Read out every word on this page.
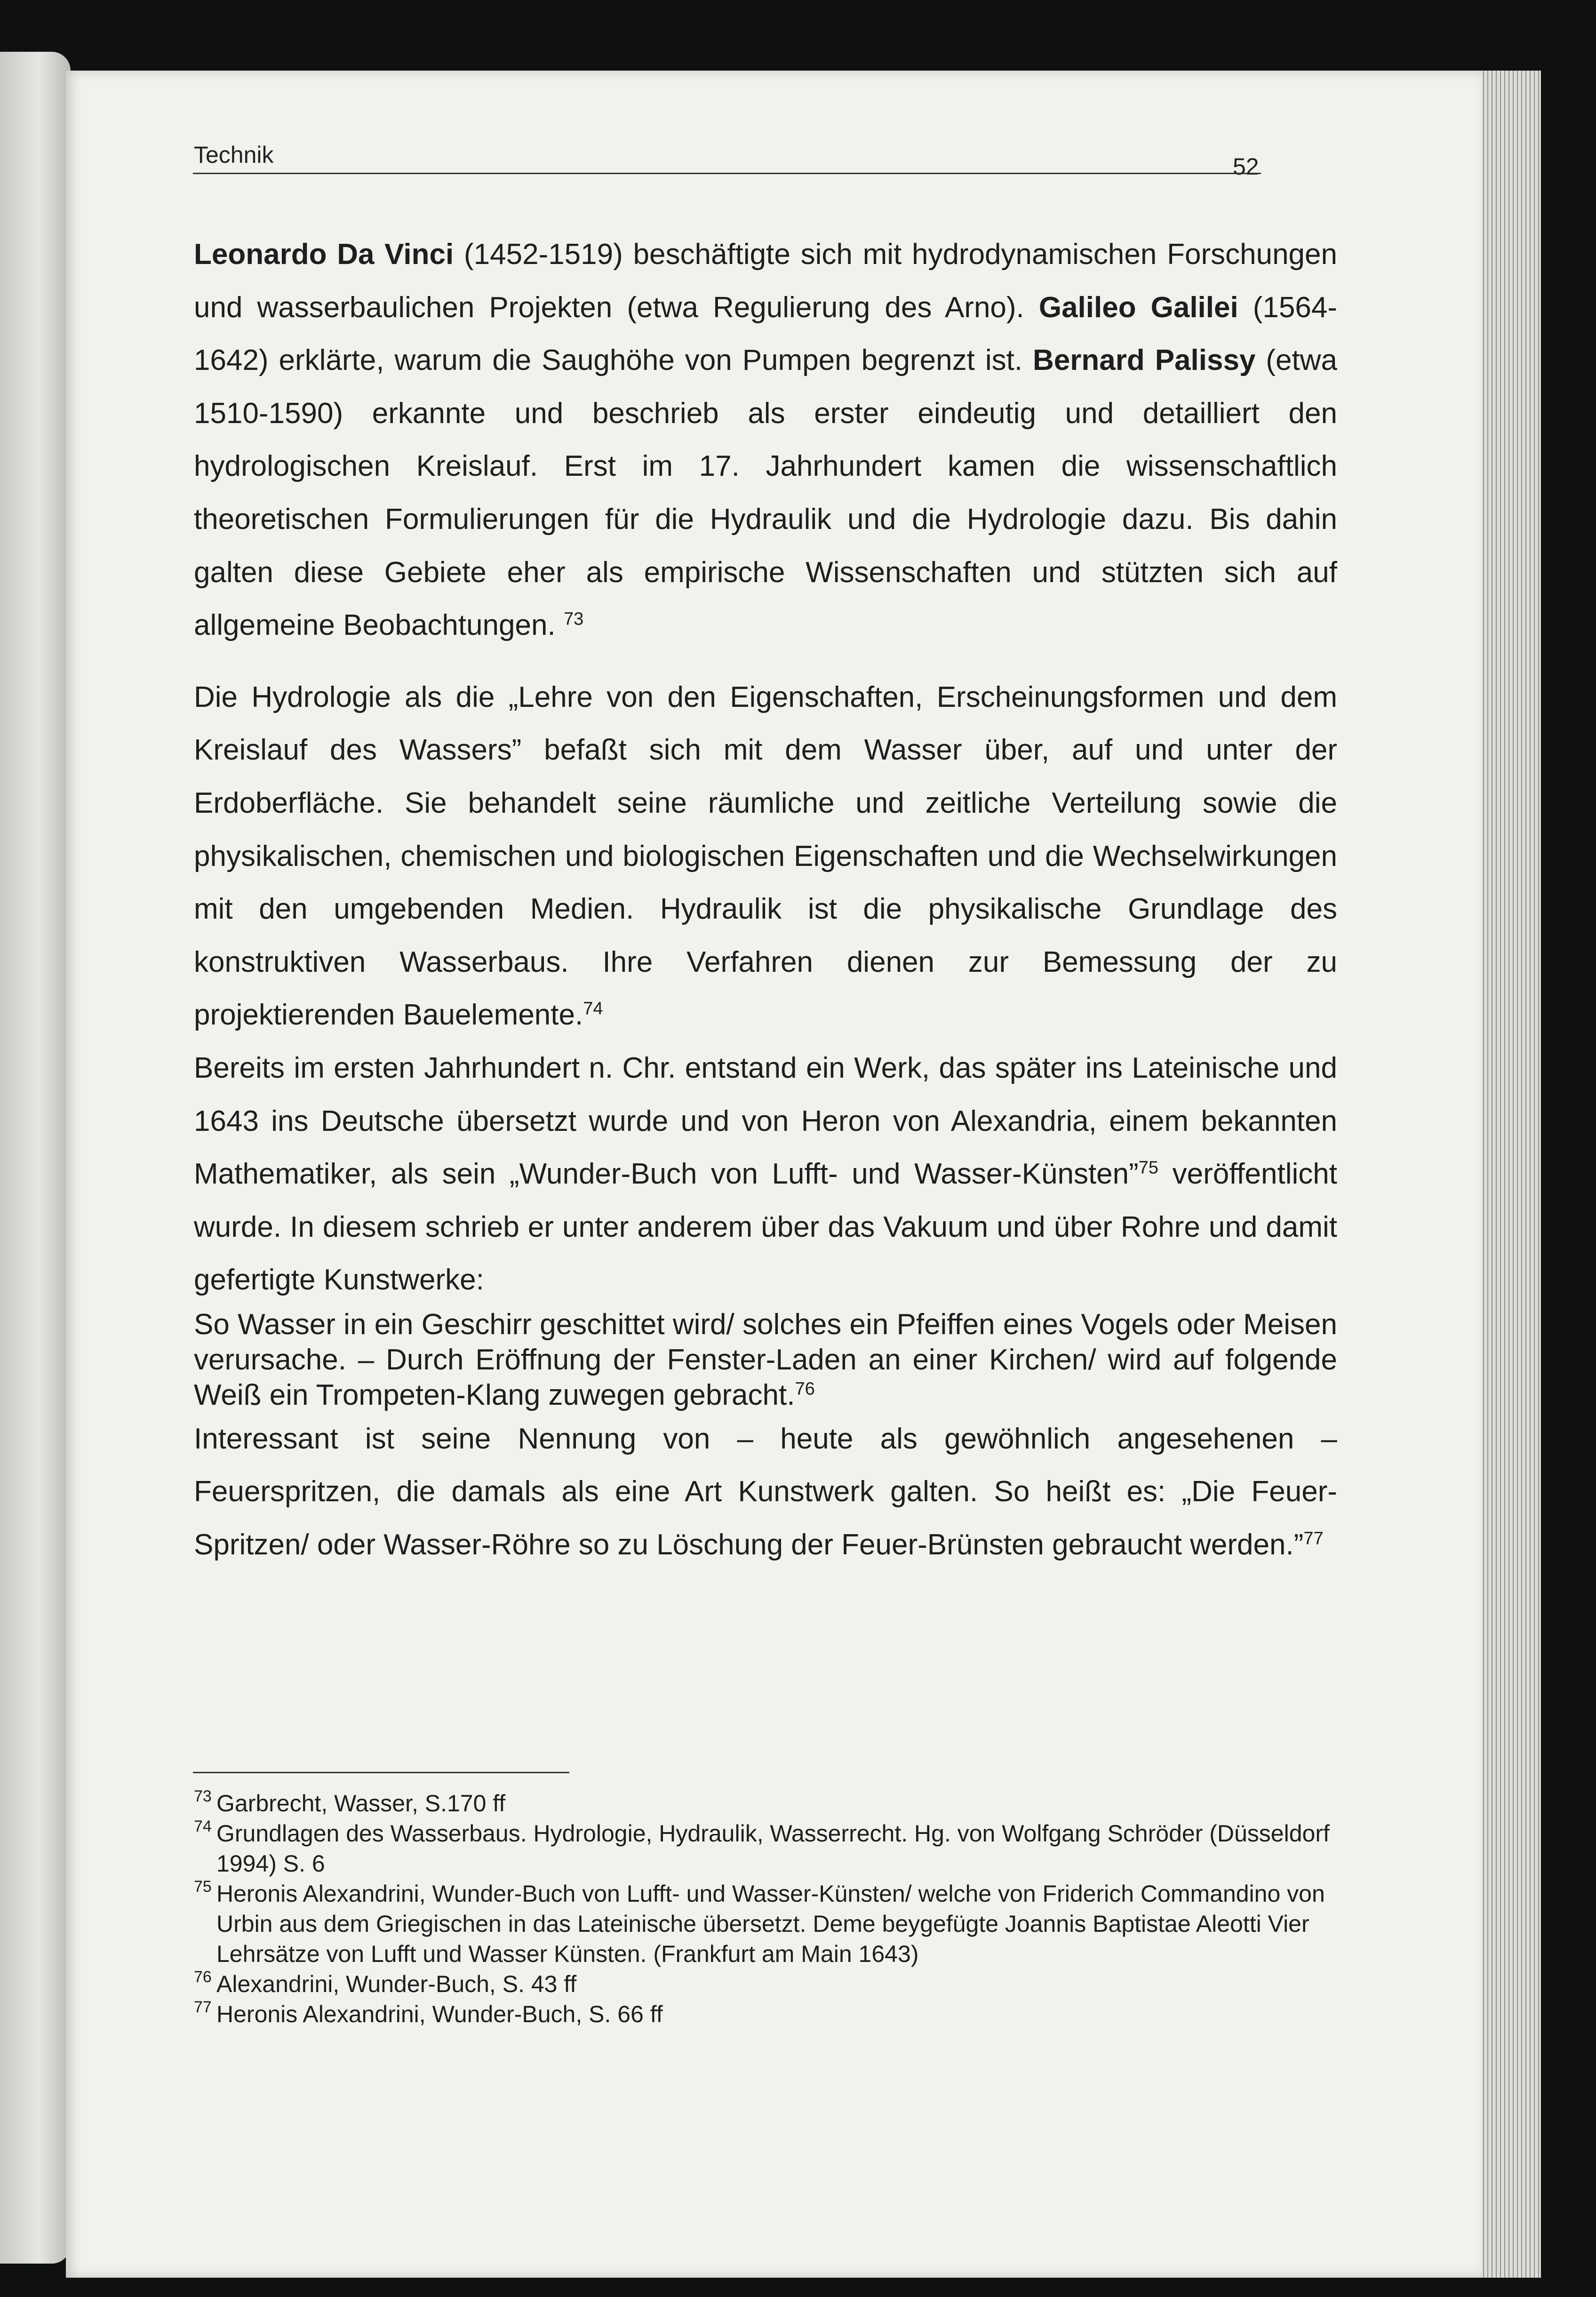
Technik	52

Leonardo Da Vinci (1452-1519) beschäftigte sich mit hydrodynamischen Forschungen und wasserbaulichen Projekten (etwa Regulierung des Arno). Galileo Galilei (1564-1642) erklärte, warum die Saughöhe von Pumpen begrenzt ist. Bernard Palissy (etwa 1510-1590) erkannte und beschrieb als erster eindeutig und detailliert den hydrologischen Kreislauf. Erst im 17. Jahrhundert kamen die wissenschaftlich theoretischen Formulierungen für die Hydraulik und die Hydrologie dazu. Bis dahin galten diese Gebiete eher als empirische Wissenschaften und stützten sich auf allgemeine Beobachtungen. $^{73}$

Die Hydrologie als die „Lehre von den Eigenschaften, Erscheinungsformen und dem Kreislauf des Wassers” befaßt sich mit dem Wasser über, auf und unter der Erdoberfläche. Sie behandelt seine räumliche und zeitliche Verteilung sowie die physikalischen, chemischen und biologischen Eigenschaften und die Wechselwirkungen mit den umgebenden Medien. Hydraulik ist die physikalische Grundlage des konstruktiven Wasserbaus. Ihre Verfahren dienen zur Bemessung der zu projektierenden Bauelemente.$^{74}$

Bereits im ersten Jahrhundert n. Chr. entstand ein Werk, das später ins Lateinische und 1643 ins Deutsche übersetzt wurde und von Heron von Alexandria, einem bekannten Mathematiker, als sein „Wunder-Buch von Lufft- und Wasser-Künsten”$^{75}$ veröffentlicht wurde. In diesem schrieb er unter anderem über das Vakuum und über Rohre und damit gefertigte Kunstwerke:

So Wasser in ein Geschirr geschittet wird/ solches ein Pfeiffen eines Vogels oder Meisen verursache. – Durch Eröffnung der Fenster-Laden an einer Kirchen/ wird auf folgende Weiß ein Trompeten-Klang zuwegen gebracht.$^{76}$

Interessant ist seine Nennung von – heute als gewöhnlich angesehenen – Feuerspritzen, die damals als eine Art Kunstwerk galten. So heißt es: „Die Feuer-Spritzen/ oder Wasser-Röhre so zu Löschung der Feuer-Brünsten gebraucht werden.”$^{77}$

73 Garbrecht, Wasser, S.170 ff
74 Grundlagen des Wasserbaus. Hydrologie, Hydraulik, Wasserrecht. Hg. von Wolfgang Schröder (Düsseldorf 1994) S. 6
75 Heronis Alexandrini, Wunder-Buch von Lufft- und Wasser-Künsten/ welche von Friderich Commandino von Urbin aus dem Griegischen in das Lateinische übersetzt. Deme beygefügte Joannis Baptistae Aleotti Vier Lehrsätze von Lufft und Wasser Künsten. (Frankfurt am Main 1643)
76 Alexandrini, Wunder-Buch, S. 43 ff
77 Heronis Alexandrini, Wunder-Buch, S. 66 ff
